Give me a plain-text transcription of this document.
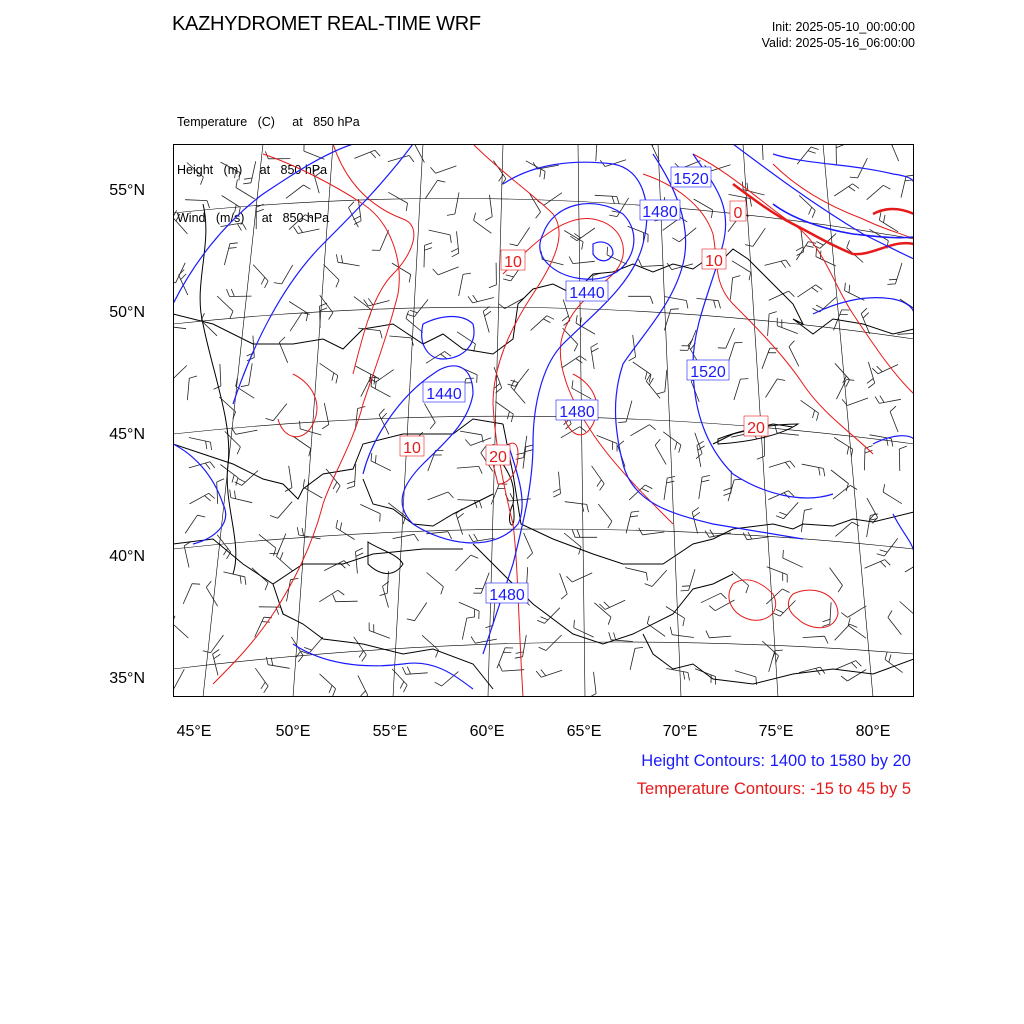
KAZHYDROMET REAL-TIME WRF	Init: 2025-05-10_00:00:00
Valid: 2025-05-16_06:00:00

Temperature   (C)     at   850 hPa

Height   (m)     at   850 hPa

Wind   (m/s)     at   850 hPa

1520
1480
1440
1440
1480
1520
1480
0
10	10
10
20
20
45°E	50°E	55°E	60°E	65°E	70°E	75°E	80°E
55°N
50°N
45°N
40°N
35°N
Height Contours: 1400 to 1580 by 20
Temperature Contours: -15 to 45 by 5
